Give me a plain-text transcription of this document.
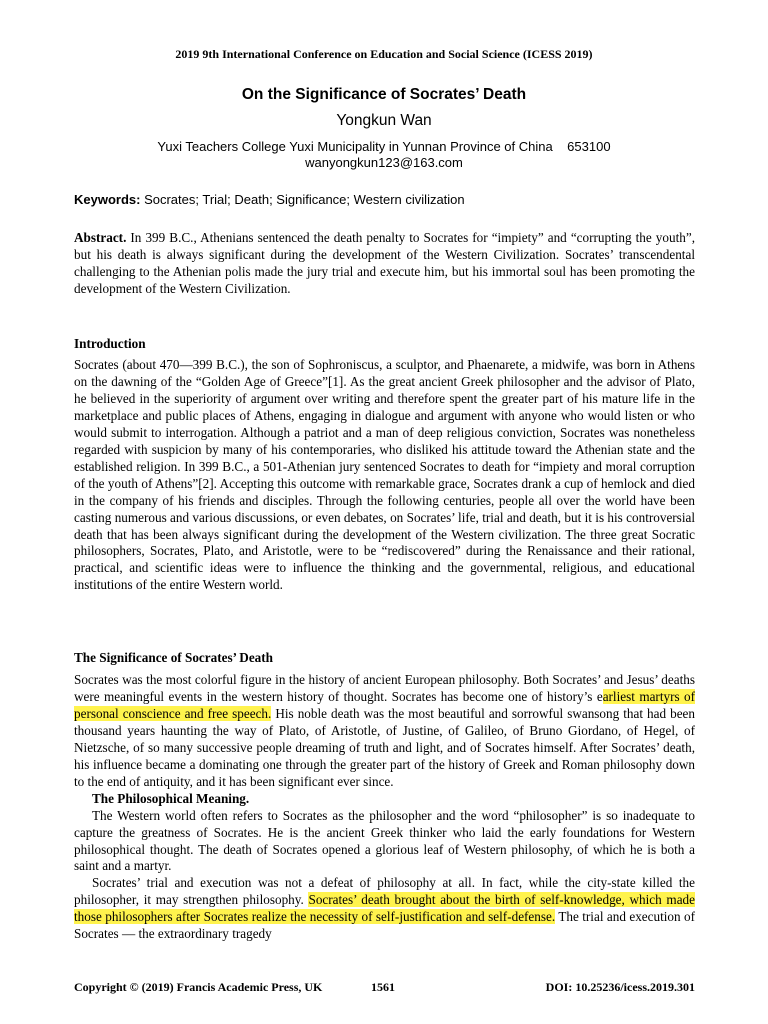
2019 9th International Conference on Education and Social Science (ICESS 2019)
On the Significance of Socrates’ Death
Yongkun Wan
Yuxi Teachers College Yuxi Municipality in Yunnan Province of China    653100
wanyongkun123@163.com
Keywords: Socrates; Trial; Death; Significance; Western civilization
Abstract. In 399 B.C., Athenians sentenced the death penalty to Socrates for “impiety” and “corrupting the youth”, but his death is always significant during the development of the Western Civilization. Socrates’ transcendental challenging to the Athenian polis made the jury trial and execute him, but his immortal soul has been promoting the development of the Western Civilization.
Introduction
Socrates (about 470—399 B.C.), the son of Sophroniscus, a sculptor, and Phaenarete, a midwife, was born in Athens on the dawning of the “Golden Age of Greece”[1]. As the great ancient Greek philosopher and the advisor of Plato, he believed in the superiority of argument over writing and therefore spent the greater part of his mature life in the marketplace and public places of Athens, engaging in dialogue and argument with anyone who would listen or who would submit to interrogation. Although a patriot and a man of deep religious conviction, Socrates was nonetheless regarded with suspicion by many of his contemporaries, who disliked his attitude toward the Athenian state and the established religion. In 399 B.C., a 501-Athenian jury sentenced Socrates to death for “impiety and moral corruption of the youth of Athens”[2]. Accepting this outcome with remarkable grace, Socrates drank a cup of hemlock and died in the company of his friends and disciples. Through the following centuries, people all over the world have been casting numerous and various discussions, or even debates, on Socrates’ life, trial and death, but it is his controversial death that has been always significant during the development of the Western civilization. The three great Socratic philosophers, Socrates, Plato, and Aristotle, were to be “rediscovered” during the Renaissance and their rational, practical, and scientific ideas were to influence the thinking and the governmental, religious, and educational institutions of the entire Western world.
The Significance of Socrates’ Death

Socrates was the most colorful figure in the history of ancient European philosophy. Both Socrates’ and Jesus’ deaths were meaningful events in the western history of thought. Socrates has become one of history’s earliest martyrs of personal conscience and free speech. His noble death was the most beautiful and sorrowful swansong that had been thousand years haunting the way of Plato, of Aristotle, of Justine, of Galileo, of Bruno Giordano, of Hegel, of Nietzsche, of so many successive people dreaming of truth and light, and of Socrates himself. After Socrates’ death, his influence became a dominating one through the greater part of the history of Greek and Roman philosophy down to the end of antiquity, and it has been significant ever since.

The Philosophical Meaning.

The Western world often refers to Socrates as the philosopher and the word “philosopher” is so inadequate to capture the greatness of Socrates. He is the ancient Greek thinker who laid the early foundations for Western philosophical thought. The death of Socrates opened a glorious leaf of Western philosophy, of which he is both a saint and a martyr.

Socrates’ trial and execution was not a defeat of philosophy at all. In fact, while the city-state killed the philosopher, it may strengthen philosophy. Socrates’ death brought about the birth of self-knowledge, which made those philosophers after Socrates realize the necessity of self-justification and self-defense. The trial and execution of Socrates — the extraordinary tragedy

Copyright © (2019) Francis Academic Press, UK	1561	DOI: 10.25236/icess.2019.301
